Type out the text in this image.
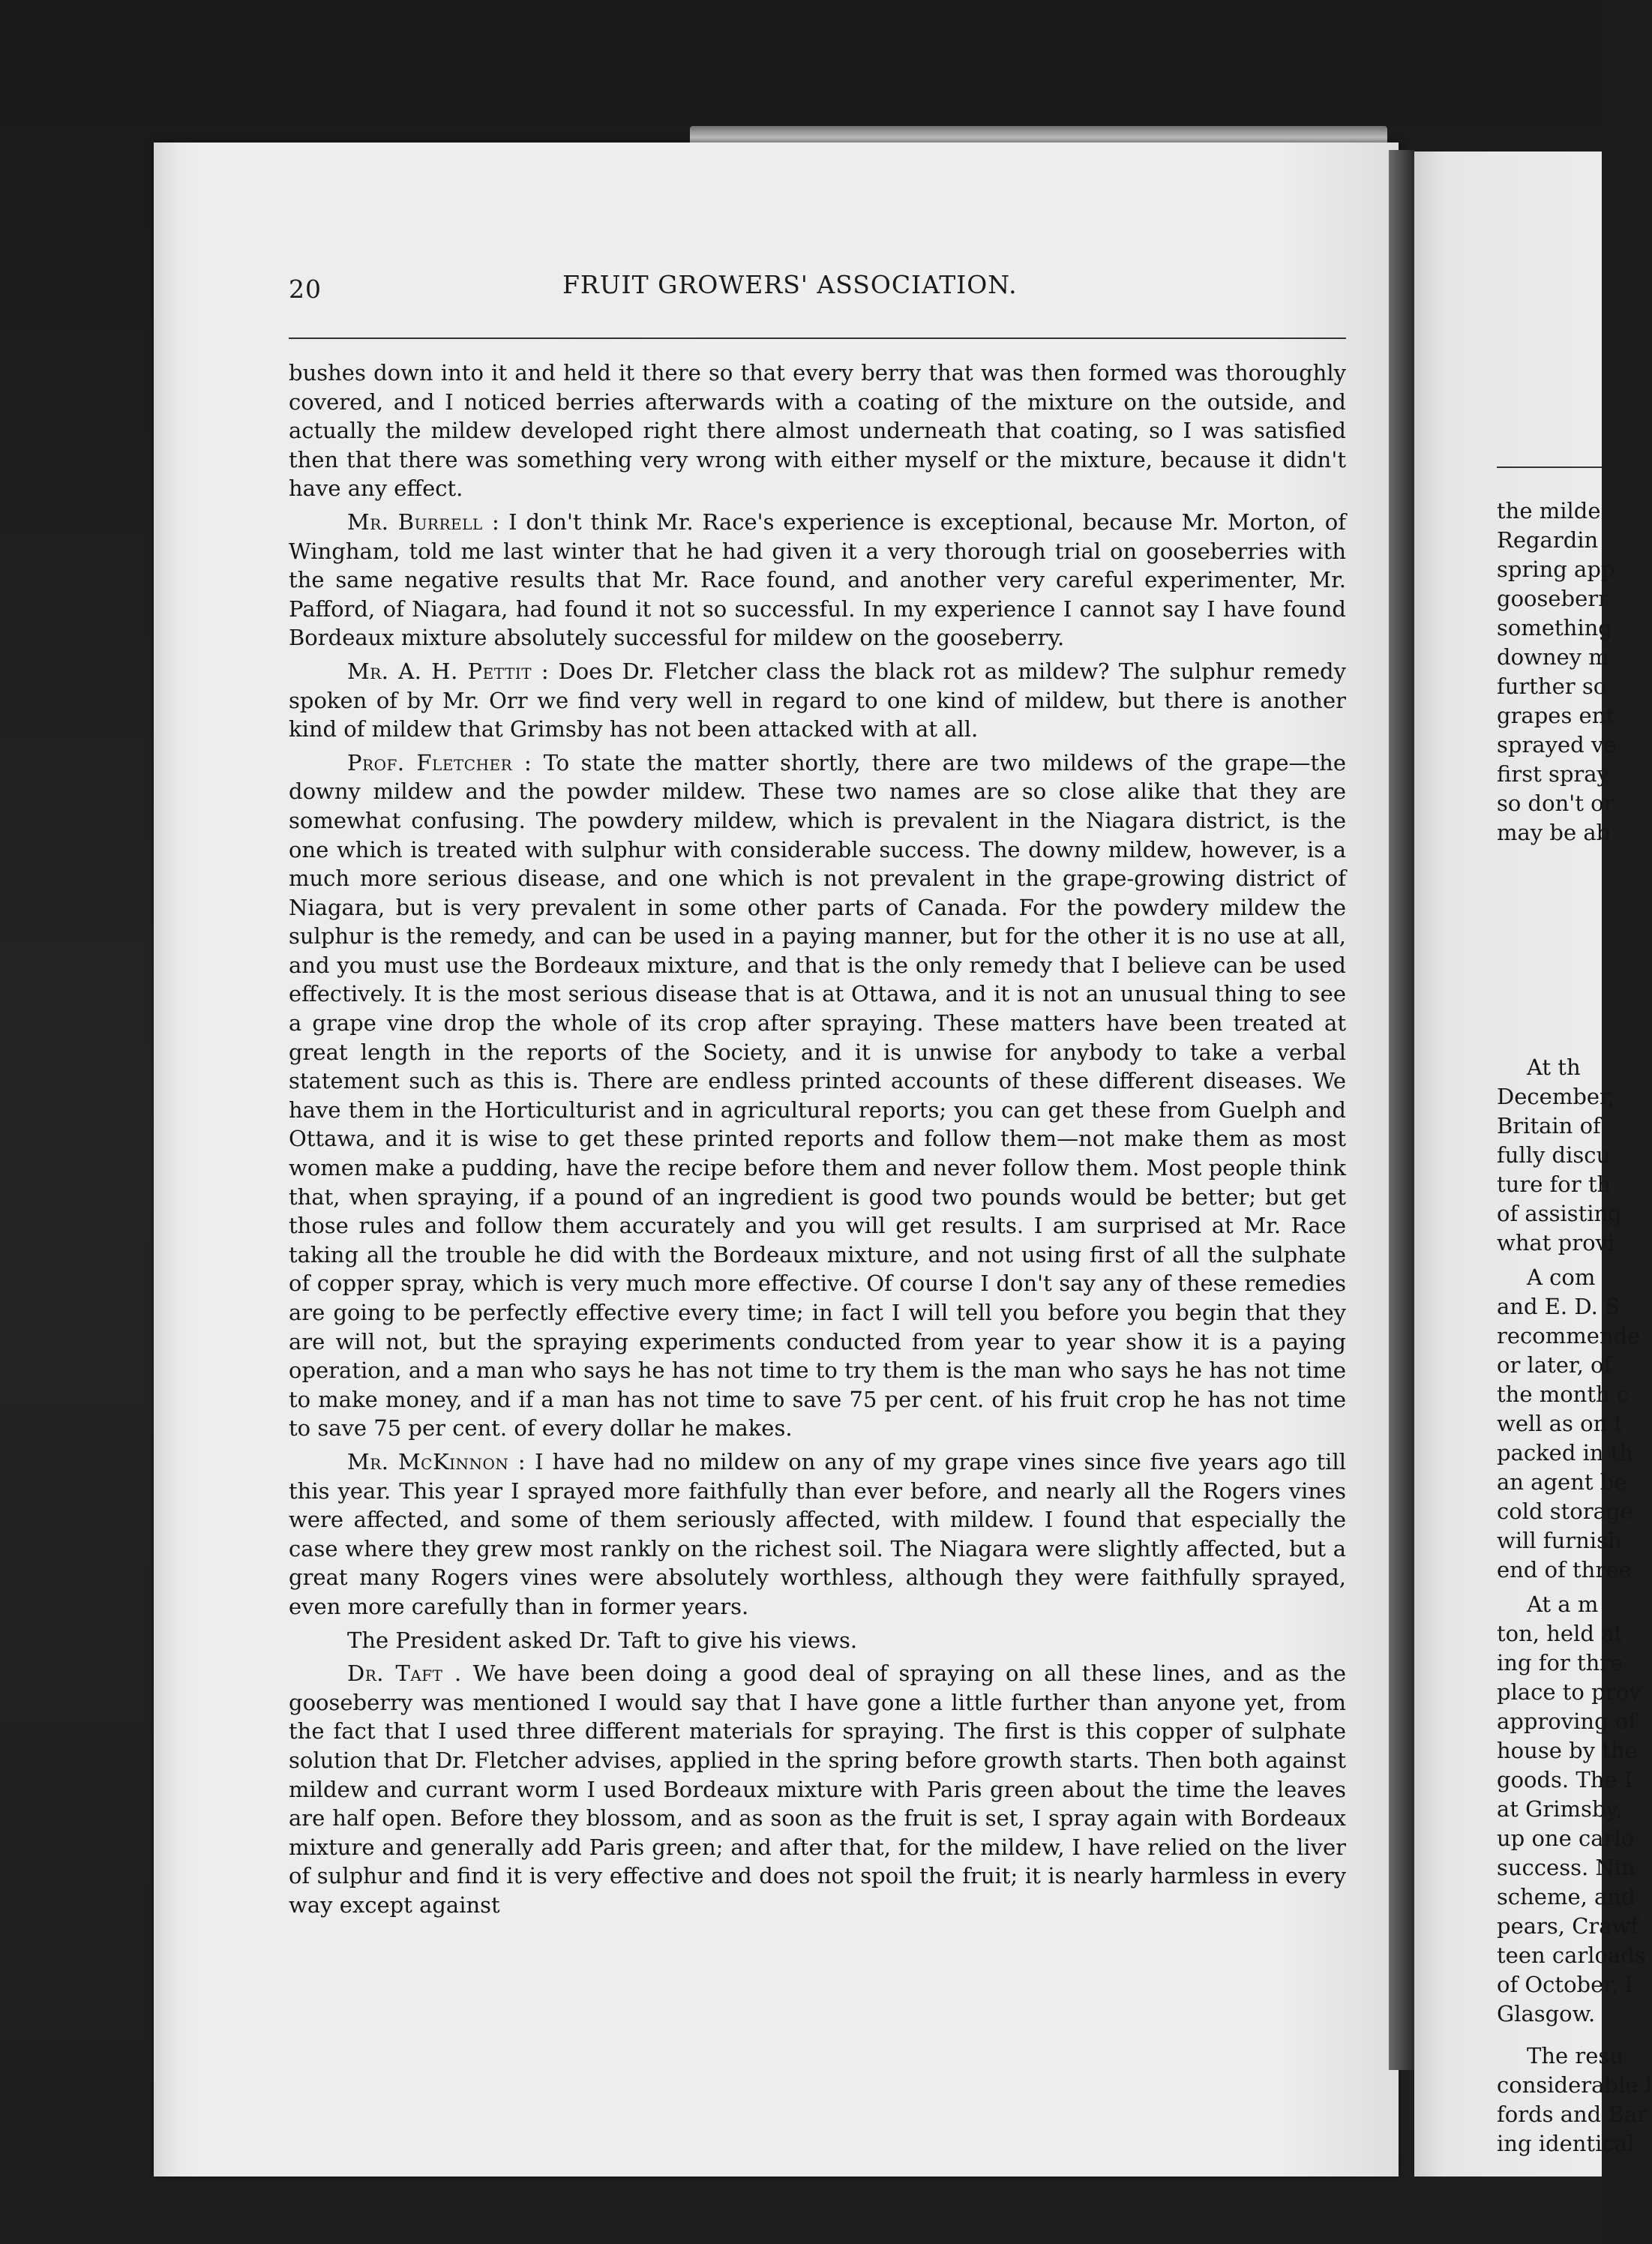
the milde
Regardin
spring app
gooseberr
something
downey m
further so
grapes ent
sprayed ve
first spray
so don't or
may be ab
At th
December,
Britain of
fully discu
ture for th
of assisting
what provi
A com
and E. D. S
recommende
or later, of
the month c
well as on t
packed in th
an agent be
cold storage
will furnish
end of three
At a m
ton, held at
ing for thre
place to prov
approving of
house by the
goods. The I
at Grimsby,
up one carlo
success. Nin
scheme, and
pears, Crawf
teen carloads
of October, l
Glasgow.
The resu
considerable l
fords and Bar
ing identical
20	FRUIT GROWERS' ASSOCIATION.

bushes down into it and held it there so that every berry that was then formed was thoroughly covered, and I noticed berries afterwards with a coating of the mixture on the outside, and actually the mildew developed right there almost underneath that coating, so I was satisfied then that there was something very wrong with either myself or the mixture, because it didn't have any effect.

Mr. Burrell : I don't think Mr. Race's experience is exceptional, because Mr. Morton, of Wingham, told me last winter that he had given it a very thorough trial on gooseberries with the same negative results that Mr. Race found, and another very careful experimenter, Mr. Pafford, of Niagara, had found it not so successful. In my experience I cannot say I have found Bordeaux mixture absolutely successful for mildew on the gooseberry.

Mr. A. H. Pettit : Does Dr. Fletcher class the black rot as mildew? The sulphur remedy spoken of by Mr. Orr we find very well in regard to one kind of mildew, but there is another kind of mildew that Grimsby has not been attacked with at all.

Prof. Fletcher : To state the matter shortly, there are two mildews of the grape—the downy mildew and the powder mildew. These two names are so close alike that they are somewhat confusing. The powdery mildew, which is prevalent in the Niagara district, is the one which is treated with sulphur with considerable success. The downy mildew, however, is a much more serious disease, and one which is not prevalent in the grape-growing district of Niagara, but is very prevalent in some other parts of Canada. For the powdery mildew the sulphur is the remedy, and can be used in a paying manner, but for the other it is no use at all, and you must use the Bordeaux mixture, and that is the only remedy that I believe can be used effectively. It is the most serious disease that is at Ottawa, and it is not an unusual thing to see a grape vine drop the whole of its crop after spraying. These matters have been treated at great length in the reports of the Society, and it is unwise for anybody to take a verbal statement such as this is. There are endless printed accounts of these different diseases. We have them in the Horticulturist and in agricultural reports; you can get these from Guelph and Ottawa, and it is wise to get these printed reports and follow them—not make them as most women make a pudding, have the recipe before them and never follow them. Most people think that, when spraying, if a pound of an ingredient is good two pounds would be better; but get those rules and follow them accurately and you will get results. I am surprised at Mr. Race taking all the trouble he did with the Bordeaux mixture, and not using first of all the sulphate of copper spray, which is very much more effective. Of course I don't say any of these remedies are going to be perfectly effective every time; in fact I will tell you before you begin that they are will not, but the spraying experiments conducted from year to year show it is a paying operation, and a man who says he has not time to try them is the man who says he has not time to make money, and if a man has not time to save 75 per cent. of his fruit crop he has not time to save 75 per cent. of every dollar he makes.

Mr. McKinnon : I have had no mildew on any of my grape vines since five years ago till this year. This year I sprayed more faithfully than ever before, and nearly all the Rogers vines were affected, and some of them seriously affected, with mildew. I found that especially the case where they grew most rankly on the richest soil. The Niagara were slightly affected, but a great many Rogers vines were absolutely worthless, although they were faithfully sprayed, even more carefully than in former years.

The President asked Dr. Taft to give his views.

Dr. Taft . We have been doing a good deal of spraying on all these lines, and as the gooseberry was mentioned I would say that I have gone a little further than anyone yet, from the fact that I used three different materials for spraying. The first is this copper of sulphate solution that Dr. Fletcher advises, applied in the spring before growth starts. Then both against mildew and currant worm I used Bordeaux mixture with Paris green about the time the leaves are half open. Before they blossom, and as soon as the fruit is set, I spray again with Bordeaux mixture and generally add Paris green; and after that, for the mildew, I have relied on the liver of sulphur and find it is very effective and does not spoil the fruit; it is nearly harmless in every way except against
